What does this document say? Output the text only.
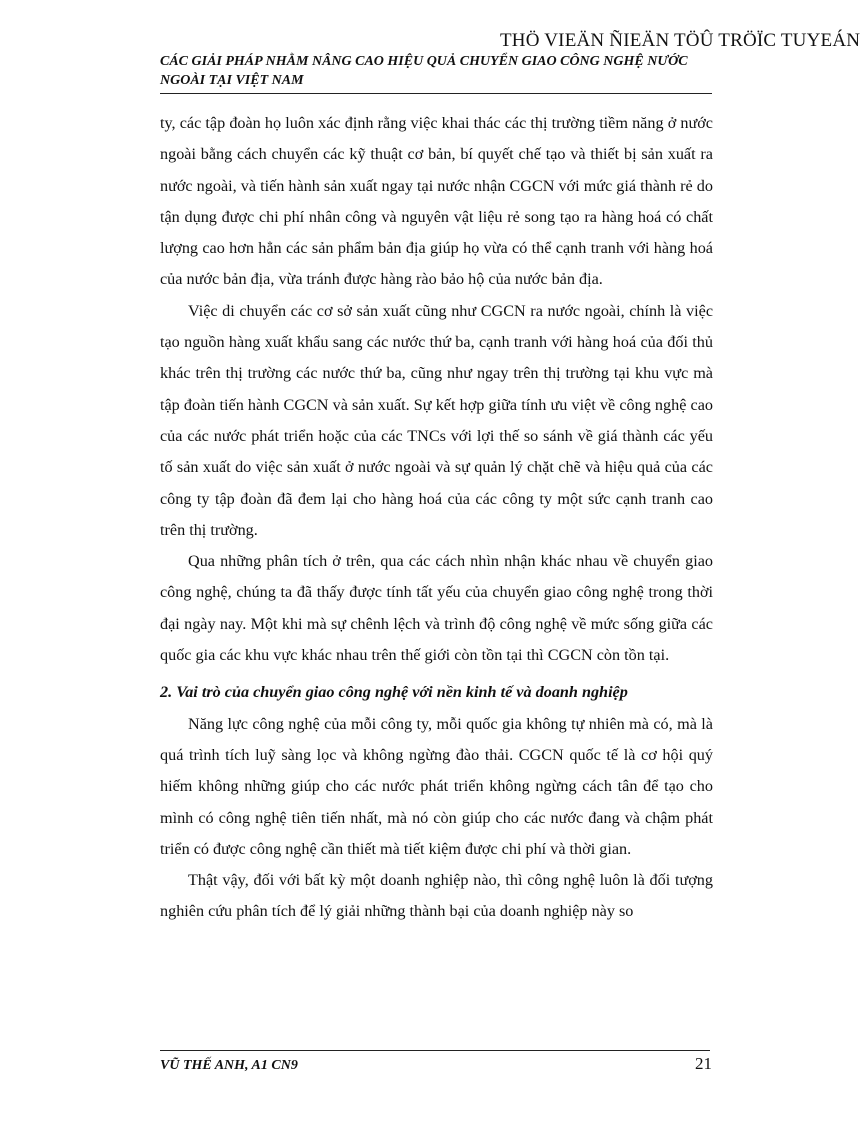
THÖ VIEÄN ÑIEÄN TÖÛ TRÖÏC TUYEÁN
CÁC GIẢI PHÁP NHẰM NÂNG CAO HIỆU QUẢ CHUYỂN GIAO CÔNG NGHỆ NƯỚC
NGOÀI TẠI VIỆT NAM

ty, các tập đoàn họ luôn xác định rằng việc khai thác các thị trường tiềm năng ở nước ngoài bằng cách chuyển các kỹ thuật cơ bản, bí quyết chế tạo và thiết bị sản xuất ra nước ngoài, và tiến hành sản xuất ngay tại nước nhận CGCN với mức giá thành rẻ do tận dụng được chi phí nhân công và nguyên vật liệu rẻ song tạo ra hàng hoá có chất lượng cao hơn hẳn các sản phẩm bản địa giúp họ vừa có thể cạnh tranh với hàng hoá của nước bản địa, vừa tránh được hàng rào bảo hộ của nước bản địa.

Việc di chuyển các cơ sở sản xuất cũng như CGCN ra nước ngoài, chính là việc tạo nguồn hàng xuất khẩu sang các nước thứ ba, cạnh tranh với hàng hoá của đối thủ khác trên thị trường các nước thứ ba, cũng như ngay trên thị trường tại khu vực mà tập đoàn tiến hành CGCN và sản xuất. Sự kết hợp giữa tính ưu việt về công nghệ cao của các nước phát triển hoặc của các TNCs với lợi thế so sánh về giá thành các yếu tố sản xuất do việc sản xuất ở nước ngoài và sự quản lý chặt chẽ và hiệu quả của các công ty tập đoàn đã đem lại cho hàng hoá của các công ty một sức cạnh tranh cao trên thị trường.

Qua những phân tích ở trên, qua các cách nhìn nhận khác nhau về chuyển giao công nghệ, chúng ta đã thấy được tính tất yếu của chuyển giao công nghệ trong thời đại ngày nay. Một khi mà sự chênh lệch và trình độ công nghệ về mức sống giữa các quốc gia các khu vực khác nhau trên thế giới còn tồn tại thì CGCN còn tồn tại.

2. Vai trò của chuyển giao công nghệ với nền kinh tế và doanh nghiệp

Năng lực công nghệ của mỗi công ty, mỗi quốc gia không tự nhiên mà có, mà là quá trình tích luỹ sàng lọc và không ngừng đào thải. CGCN quốc tế là cơ hội quý hiếm không những giúp cho các nước phát triển không ngừng cách tân để tạo cho mình có công nghệ tiên tiến nhất, mà nó còn giúp cho các nước đang và chậm phát triển có được công nghệ cần thiết mà tiết kiệm được chi phí và thời gian.

Thật vậy, đối với bất kỳ một doanh nghiệp nào, thì công nghệ luôn là đối tượng nghiên cứu phân tích để lý giải những thành bại của doanh nghiệp này so

VŨ THẾ ANH, A1 CN9	21
